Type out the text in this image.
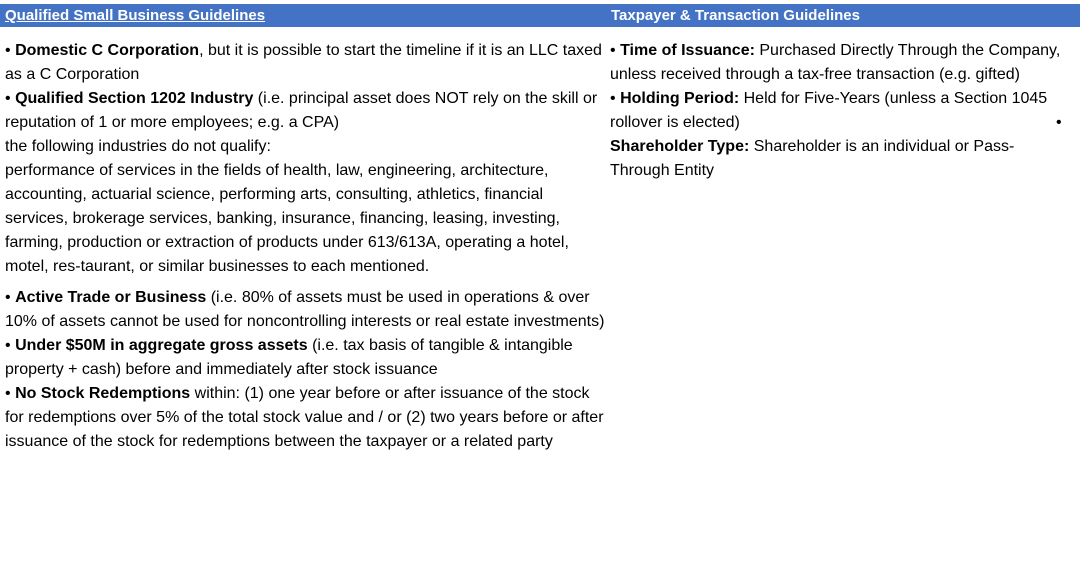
Qualified Small Business Guidelines	Taxpayer & Transaction Guidelines

• Domestic C Corporation, but it is possible to start the timeline if it is an LLC taxed as a C Corporation

• Qualified Section 1202 Industry (i.e. principal asset does NOT rely on the skill or reputation of 1 or more employees; e.g. a CPA)

the following industries do not qualify:

performance of services in the fields of health, law, engineering, architecture, accounting, actuarial science, performing arts, consulting, athletics, financial services, brokerage services, banking, insurance, financing, leasing, investing, farming, production or extraction of products under 613/613A, operating a hotel, motel, res-taurant, or similar businesses to each mentioned.

• Active Trade or Business (i.e. 80% of assets must be used in operations & over 10% of assets cannot be used for noncontrolling interests or real estate investments)

• Under $50M in aggregate gross assets (i.e. tax basis of tangible & intangible property + cash) before and immediately after stock issuance

• No Stock Redemptions within: (1) one year before or after issuance of the stock for redemptions over 5% of the total stock value and / or (2) two years before or after issuance of the stock for redemptions between the taxpayer or a related party

• Time of Issuance: Purchased Directly Through the Company, unless received through a tax-free transaction (e.g. gifted)

• Holding Period: Held for Five-Years (unless a Section 1045 rollover is elected)

Shareholder Type: Shareholder is an individual or Pass-Through Entity

•
